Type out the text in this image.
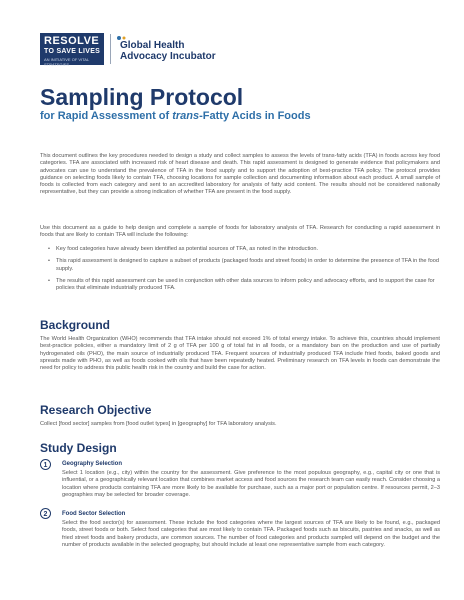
RESOLVE
TO SAVE LIVES
AN INITIATIVE OF VITAL STRATEGIES
Global Health
Advocacy Incubator
Sampling Protocol
for Rapid Assessment of trans-Fatty Acids in Foods
This document outlines the key procedures needed to design a study and collect samples to assess the levels of trans-fatty acids (TFA) in foods across key food categories. TFA are associated with increased risk of heart disease and death. This rapid assessment is designed to generate evidence that policymakers and advocates can use to understand the prevalence of TFA in the food supply and to support the adoption of best-practice TFA policy. The protocol provides guidance on selecting foods likely to contain TFA, choosing locations for sample collection and documenting information about each product. A small sample of foods is collected from each category and sent to an accredited laboratory for analysis of fatty acid content. The results should not be considered nationally representative, but they can provide a strong indication of whether TFA are present in the food supply.
Use this document as a guide to help design and complete a sample of foods for laboratory analysis of TFA. Research for conducting a rapid assessment in foods that are likely to contain TFA will include the following:
• Key food categories have already been identified as potential sources of TFA, as noted in the introduction.
• This rapid assessment is designed to capture a subset of products (packaged foods and street foods) in order to determine the presence of TFA in the food supply.
• The results of this rapid assessment can be used in conjunction with other data sources to inform policy and advocacy efforts, and to support the case for policies that eliminate industrially produced TFA.
Background
The World Health Organization (WHO) recommends that TFA intake should not exceed 1% of total energy intake. To achieve this, countries should implement best-practice policies, either a mandatory limit of 2 g of TFA per 100 g of total fat in all foods, or a mandatory ban on the production and use of partially hydrogenated oils (PHO), the main source of industrially produced TFA. Frequent sources of industrially produced TFA include fried foods, baked goods and spreads made with PHO, as well as foods cooked with oils that have been repeatedly heated. Preliminary research on TFA levels in foods can demonstrate the need for policy to address this public health risk in the country and build the case for action.
Research Objective
Collect [food sector] samples from [food outlet types] in [geography] for TFA laboratory analysis.
Study Design
1	Geography Selection
Select 1 location (e.g., city) within the country for the assessment. Give preference to the most populous geography, e.g., capital city or one that is influential, or a geographically relevant location that combines market access and food sources the research team can easily reach. Consider choosing a location where products containing TFA are more likely to be available for purchase, such as a major port or population centre. If resources permit, 2–3 geographies may be selected for broader coverage.
2	Food Sector Selection
Select the food sector(s) for assessment. These include the food categories where the largest sources of TFA are likely to be found, e.g., packaged foods, street foods or both. Select food categories that are most likely to contain TFA. Packaged foods such as biscuits, pastries and snacks, as well as fried street foods and bakery products, are common sources. The number of food categories and products sampled will depend on the budget and the number of products available in the selected geography, but should include at least one representative sample from each category.
